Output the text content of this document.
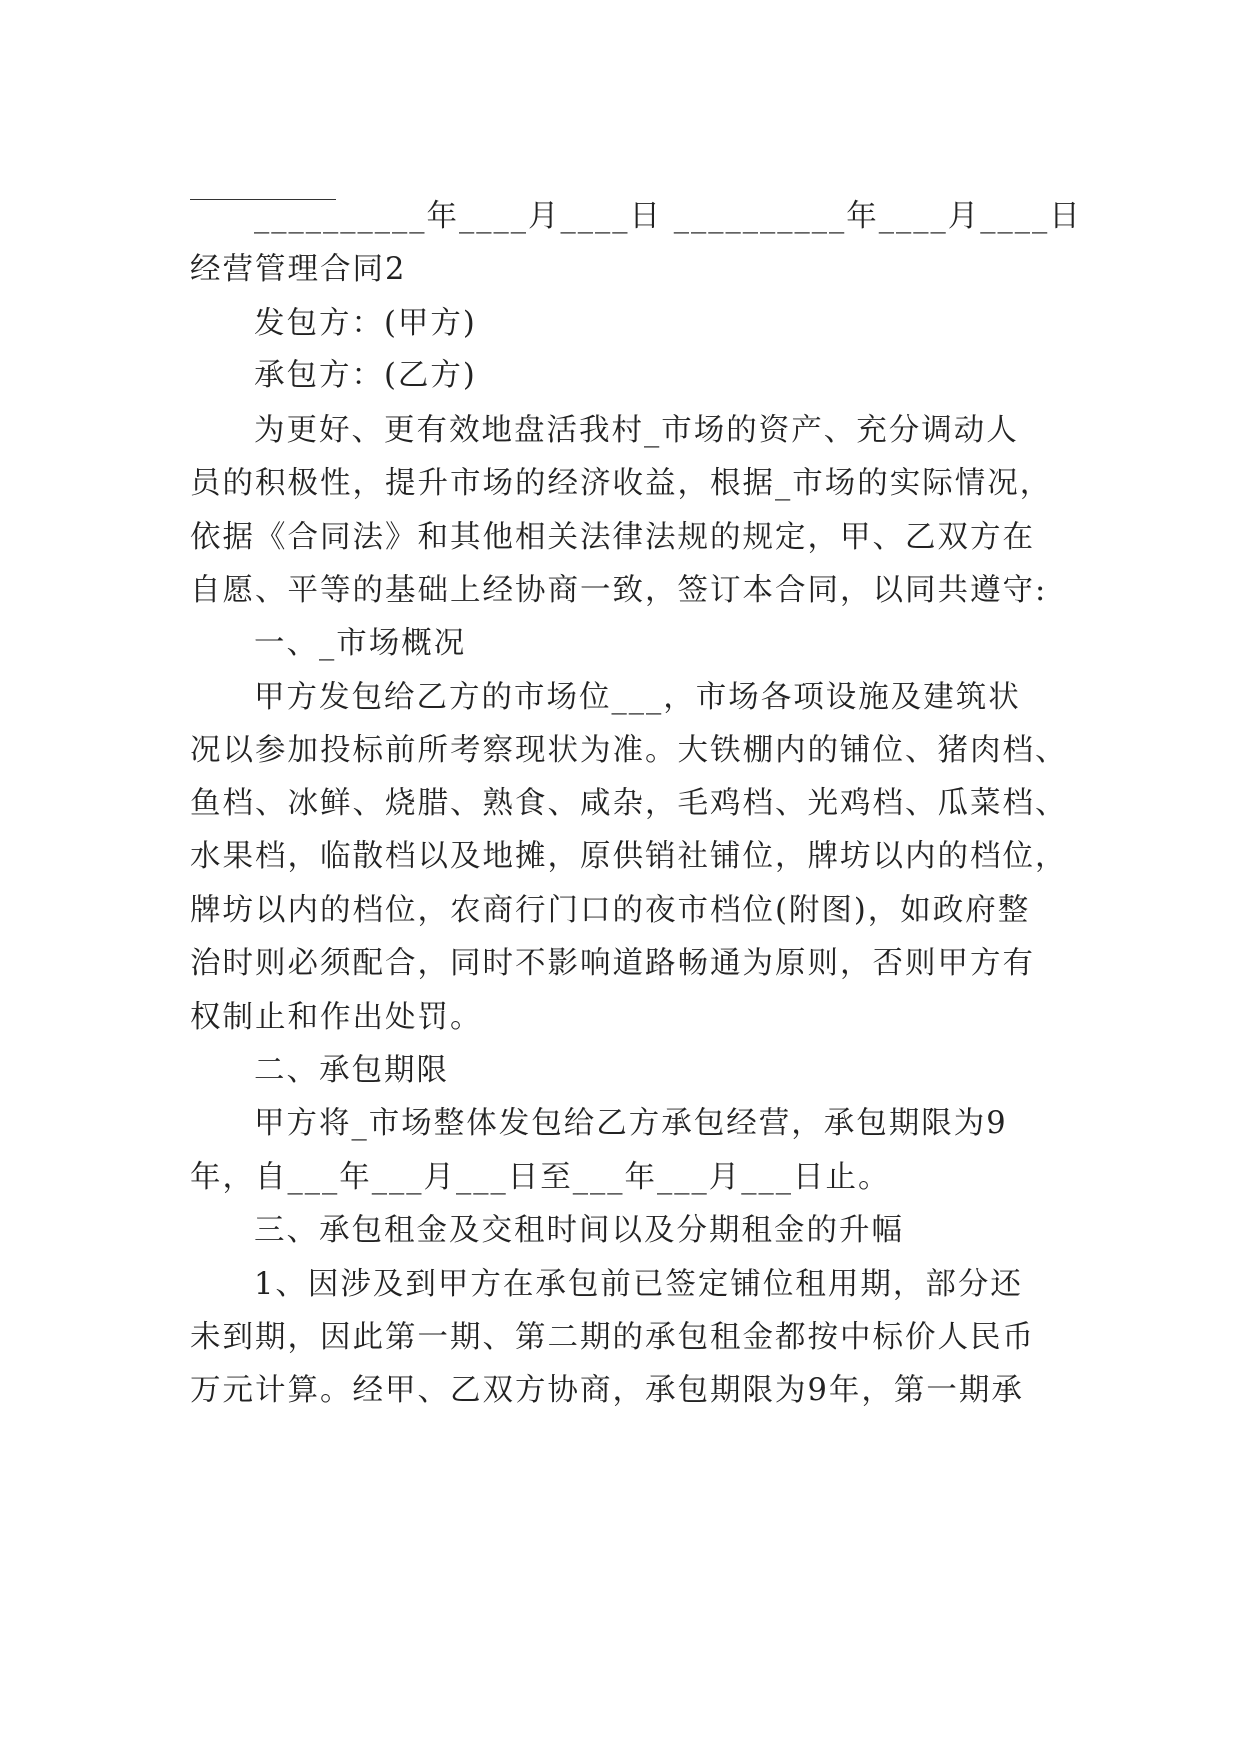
__________年____月____日 __________年____月____日
经营管理合同2
发包方：(甲方)
承包方：(乙方)
为更好、更有效地盘活我村_市场的资产、充分调动人
员的积极性，提升市场的经济收益，根据_市场的实际情况，
依据《合同法》和其他相关法律法规的规定，甲、乙双方在
自愿、平等的基础上经协商一致，签订本合同，以同共遵守:
一、_市场概况
甲方发包给乙方的市场位___，市场各项设施及建筑状
况以参加投标前所考察现状为准。大铁棚内的铺位、猪肉档、
鱼档、冰鲜、烧腊、熟食、咸杂，毛鸡档、光鸡档、瓜菜档、
水果档，临散档以及地摊，原供销社铺位，牌坊以内的档位，
牌坊以内的档位，农商行门口的夜市档位(附图)，如政府整
治时则必须配合，同时不影响道路畅通为原则，否则甲方有
权制止和作出处罚。
二、承包期限
甲方将_市场整体发包给乙方承包经营，承包期限为9
年，自___年___月___日至___年___月___日止。
三、承包租金及交租时间以及分期租金的升幅
1、因涉及到甲方在承包前已签定铺位租用期，部分还
未到期，因此第一期、第二期的承包租金都按中标价人民币
万元计算。经甲、乙双方协商，承包期限为9年，第一期承
